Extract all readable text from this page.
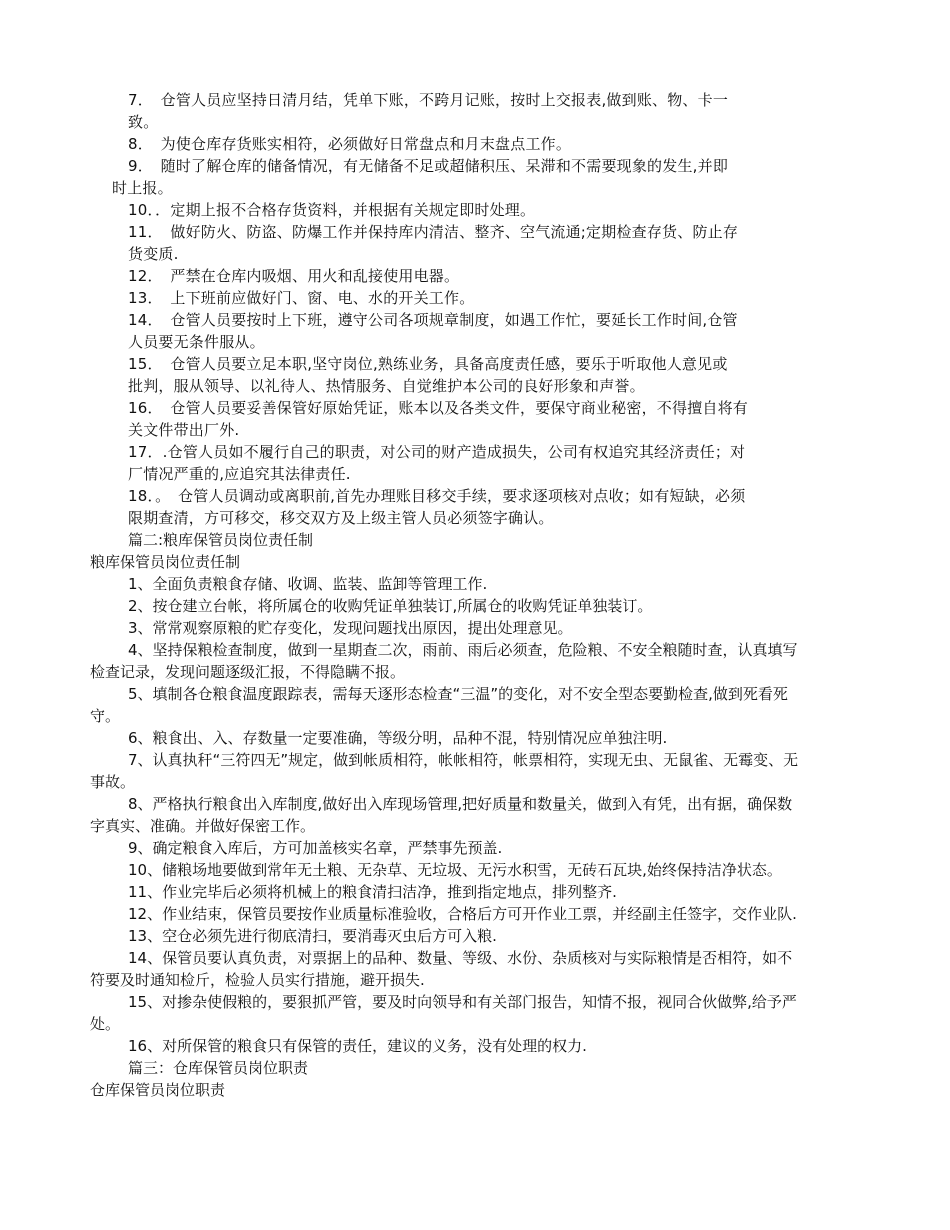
7．　仓管人员应坚持日清月结，凭单下账，不跨月记账，按时上交报表,做到账、物、卡一
致。
8．　为使仓库存货账实相符，必须做好日常盘点和月末盘点工作。
9．　随时了解仓库的储备情况，有无储备不足或超储积压、呆滞和不需要现象的发生,并即
时上报。
10．．定期上报不合格存货资料，并根据有关规定即时处理。
11．　做好防火、防盗、防爆工作并保持库内清洁、整齐、空气流通;定期检查存货、防止存
货变质.
12．　严禁在仓库内吸烟、用火和乱接使用电器。
13．　上下班前应做好门、窗、电、水的开关工作。
14．　仓管人员要按时上下班，遵守公司各项规章制度，如遇工作忙，要延长工作时间,仓管
人员要无条件服从。
15．　仓管人员要立足本职,坚守岗位,熟练业务，具备高度责任感，要乐于听取他人意见或
批判，服从领导、以礼待人、热情服务、自觉维护本公司的良好形象和声誉。
16．　仓管人员要妥善保管好原始凭证，账本以及各类文件，要保守商业秘密，不得擅自将有
关文件带出厂外.
17．.仓管人员如不履行自己的职责，对公司的财产造成损失，公司有权追究其经济责任；对
厂情况严重的,应追究其法律责任.
18．。　仓管人员调动或离职前,首先办理账目移交手续，要求逐项核对点收；如有短缺，必须
限期查清，方可移交，移交双方及上级主管人员必须签字确认。
篇二:粮库保管员岗位责任制
粮库保管员岗位责任制
1、全面负责粮食存储、收调、监装、监卸等管理工作.
2、按仓建立台帐，将所属仓的收购凭证单独装订,所属仓的收购凭证单独装订。
3、常常观察原粮的贮存变化，发现问题找出原因，提出处理意见。
4、坚持保粮检查制度，做到一星期查二次，雨前、雨后必须查，危险粮、不安全粮随时查，认真填写
检查记录，发现问题逐级汇报，不得隐瞒不报。
5、填制各仓粮食温度跟踪表，需每天逐形态检查“三温”的变化，对不安全型态要勤检查,做到死看死
守。
6、粮食出、入、存数量一定要准确，等级分明，品种不混，特别情况应单独注明.
7、认真执秆“三符四无”规定，做到帐质相符，帐帐相符，帐票相符，实现无虫、无鼠雀、无霉变、无
事故。
8、严格执行粮食出入库制度,做好出入库现场管理,把好质量和数量关，做到入有凭，出有据，确保数
字真实、准确。并做好保密工作。
9、确定粮食入库后，方可加盖核实名章，严禁事先预盖.
10、储粮场地要做到常年无土粮、无杂草、无垃圾、无污水积雪，无砖石瓦块,始终保持洁净状态。
11、作业完毕后必须将机械上的粮食清扫洁净，推到指定地点，排列整齐.
12、作业结束，保管员要按作业质量标准验收，合格后方可开作业工票，并经副主任签字，交作业队.
13、空仓必须先进行彻底清扫，要消毒灭虫后方可入粮.
14、保管员要认真负责，对票据上的品种、数量、等级、水份、杂质核对与实际粮情是否相符，如不
符要及时通知检斤，检验人员实行措施，避开损失.
15、对掺杂使假粮的，要狠抓严管，要及时向领导和有关部门报告，知情不报，视同合伙做弊,给予严
处。
16、对所保管的粮食只有保管的责任，建议的义务，没有处理的权力.
篇三：仓库保管员岗位职责
仓库保管员岗位职责
